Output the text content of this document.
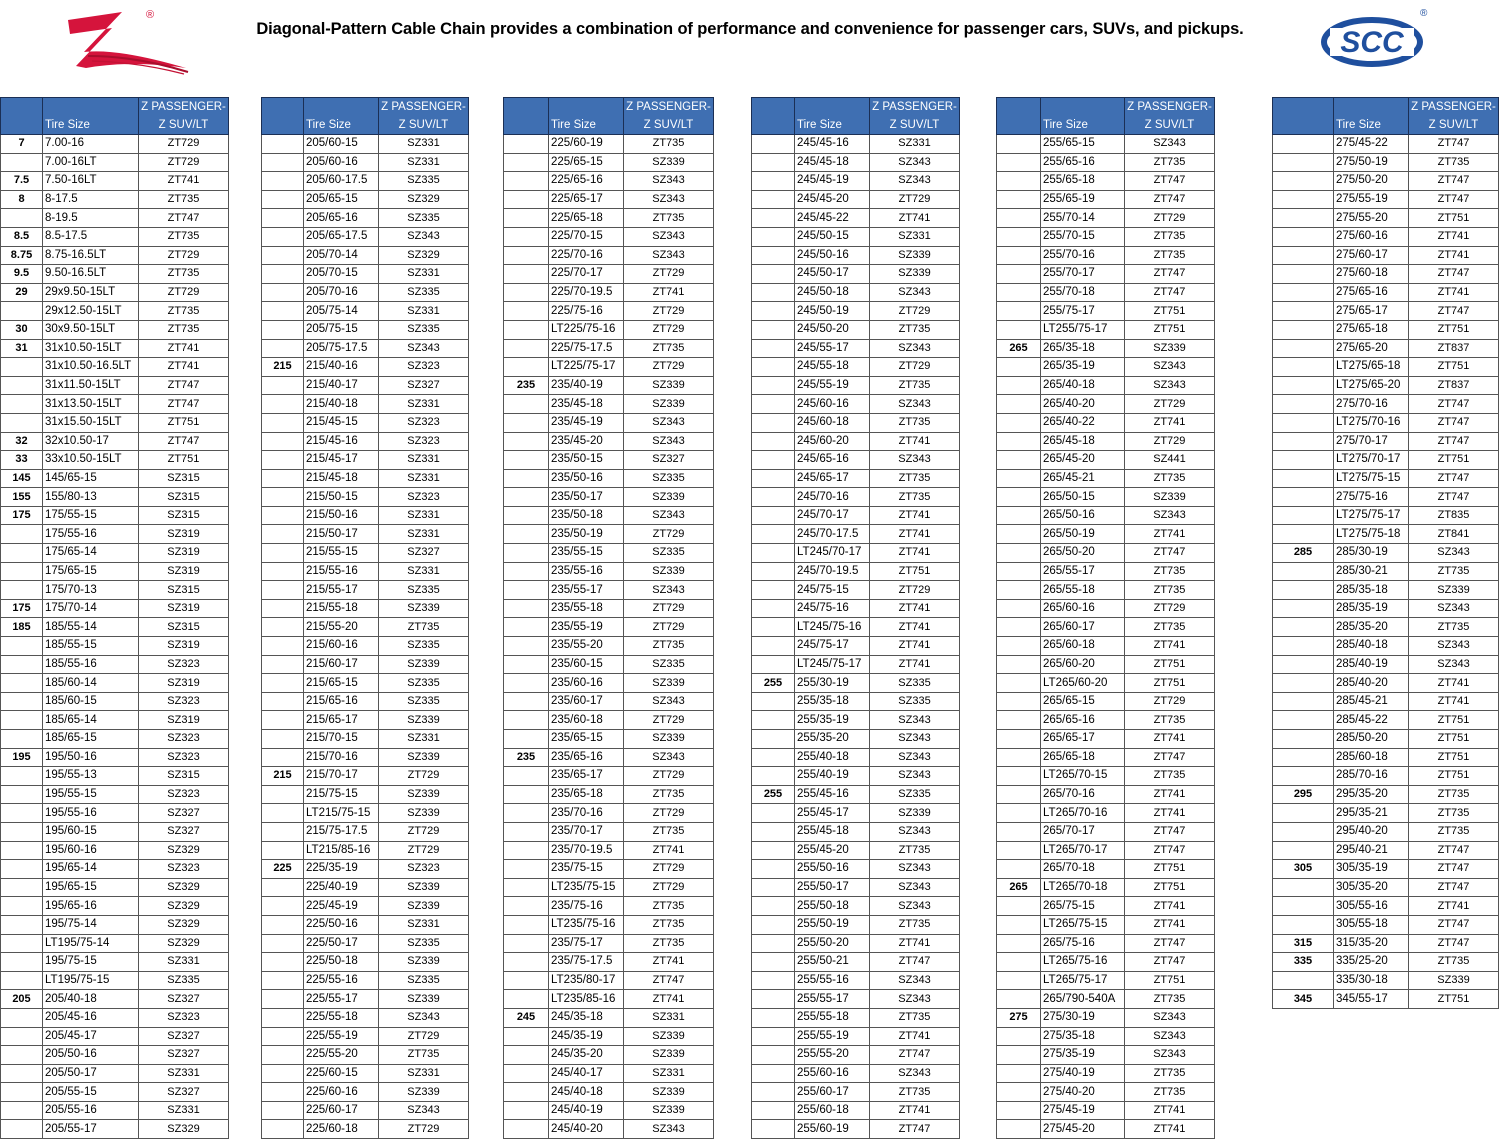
®
Diagonal-Pattern Cable Chain provides a combination of performance and convenience for passenger cars, SUVs, and pickups.	SCC
®
	Tire Size	Z PASSENGER-
Z SUV/LT
7	7.00-16	ZT729
	7.00-16LT	ZT729
7.5	7.50-16LT	ZT741
8	8-17.5	ZT735
	8-19.5	ZT747
8.5	8.5-17.5	ZT735
8.75	8.75-16.5LT	ZT729
9.5	9.50-16.5LT	ZT735
29	29x9.50-15LT	ZT729
	29x12.50-15LT	ZT735
30	30x9.50-15LT	ZT735
31	31x10.50-15LT	ZT741
	31x10.50-16.5LT	ZT741
	31x11.50-15LT	ZT747
	31x13.50-15LT	ZT747
	31x15.50-15LT	ZT751
32	32x10.50-17	ZT747
33	33x10.50-15LT	ZT751
145	145/65-15	SZ315
155	155/80-13	SZ315
175	175/55-15	SZ315
	175/55-16	SZ319
	175/65-14	SZ319
	175/65-15	SZ319
	175/70-13	SZ315
175	175/70-14	SZ319
185	185/55-14	SZ315
	185/55-15	SZ319
	185/55-16	SZ323
	185/60-14	SZ319
	185/60-15	SZ323
	185/65-14	SZ319
	185/65-15	SZ323
195	195/50-16	SZ323
	195/55-13	SZ315
	195/55-15	SZ323
	195/55-16	SZ327
	195/60-15	SZ327
	195/60-16	SZ329
	195/65-14	SZ323
	195/65-15	SZ329
	195/65-16	SZ329
	195/75-14	SZ329
	LT195/75-14	SZ329
	195/75-15	SZ331
	LT195/75-15	SZ335
205	205/40-18	SZ327
	205/45-16	SZ323
	205/45-17	SZ327
	205/50-16	SZ327
	205/50-17	SZ331
	205/55-15	SZ327
	205/55-16	SZ331
	205/55-17	SZ329
	Tire Size	Z PASSENGER-
Z SUV/LT
	205/60-15	SZ331
	205/60-16	SZ331
	205/60-17.5	SZ335
	205/65-15	SZ329
	205/65-16	SZ335
	205/65-17.5	SZ343
	205/70-14	SZ329
	205/70-15	SZ331
	205/70-16	SZ335
	205/75-14	SZ331
	205/75-15	SZ335
	205/75-17.5	SZ343
215	215/40-16	SZ323
	215/40-17	SZ327
	215/40-18	SZ331
	215/45-15	SZ323
	215/45-16	SZ323
	215/45-17	SZ331
	215/45-18	SZ331
	215/50-15	SZ323
	215/50-16	SZ331
	215/50-17	SZ331
	215/55-15	SZ327
	215/55-16	SZ331
	215/55-17	SZ335
	215/55-18	SZ339
	215/55-20	ZT735
	215/60-16	SZ335
	215/60-17	SZ339
	215/65-15	SZ335
	215/65-16	SZ335
	215/65-17	SZ339
	215/70-15	SZ331
	215/70-16	SZ339
215	215/70-17	ZT729
	215/75-15	SZ339
	LT215/75-15	SZ339
	215/75-17.5	ZT729
	LT215/85-16	ZT729
225	225/35-19	SZ323
	225/40-19	SZ339
	225/45-19	SZ339
	225/50-16	SZ331
	225/50-17	SZ335
	225/50-18	SZ339
	225/55-16	SZ335
	225/55-17	SZ339
	225/55-18	SZ343
	225/55-19	ZT729
	225/55-20	ZT735
	225/60-15	SZ331
	225/60-16	SZ339
	225/60-17	SZ343
	225/60-18	ZT729
	Tire Size	Z PASSENGER-
Z SUV/LT
	225/60-19	ZT735
	225/65-15	SZ339
	225/65-16	SZ343
	225/65-17	SZ343
	225/65-18	ZT735
	225/70-15	SZ343
	225/70-16	SZ343
	225/70-17	ZT729
	225/70-19.5	ZT741
	225/75-16	ZT729
	LT225/75-16	ZT729
	225/75-17.5	ZT735
	LT225/75-17	ZT729
235	235/40-19	SZ339
	235/45-18	SZ339
	235/45-19	SZ343
	235/45-20	SZ343
	235/50-15	SZ327
	235/50-16	SZ335
	235/50-17	SZ339
	235/50-18	SZ343
	235/50-19	ZT729
	235/55-15	SZ335
	235/55-16	SZ339
	235/55-17	SZ343
	235/55-18	ZT729
	235/55-19	ZT729
	235/55-20	ZT735
	235/60-15	SZ335
	235/60-16	SZ339
	235/60-17	SZ343
	235/60-18	ZT729
	235/65-15	SZ339
235	235/65-16	SZ343
	235/65-17	ZT729
	235/65-18	ZT735
	235/70-16	ZT729
	235/70-17	ZT735
	235/70-19.5	ZT741
	235/75-15	ZT729
	LT235/75-15	ZT729
	235/75-16	ZT735
	LT235/75-16	ZT735
	235/75-17	ZT735
	235/75-17.5	ZT741
	LT235/80-17	ZT747
	LT235/85-16	ZT741
245	245/35-18	SZ331
	245/35-19	SZ339
	245/35-20	SZ339
	245/40-17	SZ331
	245/40-18	SZ339
	245/40-19	SZ339
	245/40-20	SZ343
	Tire Size	Z PASSENGER-
Z SUV/LT
	245/45-16	SZ331
	245/45-18	SZ343
	245/45-19	SZ343
	245/45-20	ZT729
	245/45-22	ZT741
	245/50-15	SZ331
	245/50-16	SZ339
	245/50-17	SZ339
	245/50-18	SZ343
	245/50-19	ZT729
	245/50-20	ZT735
	245/55-17	SZ343
	245/55-18	ZT729
	245/55-19	ZT735
	245/60-16	SZ343
	245/60-18	ZT735
	245/60-20	ZT741
	245/65-16	SZ343
	245/65-17	ZT735
	245/70-16	ZT735
	245/70-17	ZT741
	245/70-17.5	ZT741
	LT245/70-17	ZT741
	245/70-19.5	ZT751
	245/75-15	ZT729
	245/75-16	ZT741
	LT245/75-16	ZT741
	245/75-17	ZT741
	LT245/75-17	ZT741
255	255/30-19	SZ335
	255/35-18	SZ335
	255/35-19	SZ343
	255/35-20	SZ343
	255/40-18	SZ343
	255/40-19	SZ343
255	255/45-16	SZ335
	255/45-17	SZ339
	255/45-18	SZ343
	255/45-20	ZT735
	255/50-16	SZ343
	255/50-17	SZ343
	255/50-18	SZ343
	255/50-19	ZT735
	255/50-20	ZT741
	255/50-21	ZT747
	255/55-16	SZ343
	255/55-17	SZ343
	255/55-18	ZT735
	255/55-19	ZT741
	255/55-20	ZT747
	255/60-16	SZ343
	255/60-17	ZT735
	255/60-18	ZT741
	255/60-19	ZT747
	Tire Size	Z PASSENGER-
Z SUV/LT
	255/65-15	SZ343
	255/65-16	ZT735
	255/65-18	ZT747
	255/65-19	ZT747
	255/70-14	ZT729
	255/70-15	ZT735
	255/70-16	ZT735
	255/70-17	ZT747
	255/70-18	ZT747
	255/75-17	ZT751
	LT255/75-17	ZT751
265	265/35-18	SZ339
	265/35-19	SZ343
	265/40-18	SZ343
	265/40-20	ZT729
	265/40-22	ZT741
	265/45-18	ZT729
	265/45-20	SZ441
	265/45-21	ZT735
	265/50-15	SZ339
	265/50-16	SZ343
	265/50-19	ZT741
	265/50-20	ZT747
	265/55-17	ZT735
	265/55-18	ZT735
	265/60-16	ZT729
	265/60-17	ZT735
	265/60-18	ZT741
	265/60-20	ZT751
	LT265/60-20	ZT751
	265/65-15	ZT729
	265/65-16	ZT735
	265/65-17	ZT741
	265/65-18	ZT747
	LT265/70-15	ZT735
	265/70-16	ZT741
	LT265/70-16	ZT741
	265/70-17	ZT747
	LT265/70-17	ZT747
	265/70-18	ZT751
265	LT265/70-18	ZT751
	265/75-15	ZT741
	LT265/75-15	ZT741
	265/75-16	ZT747
	LT265/75-16	ZT747
	LT265/75-17	ZT751
	265/790-540A	ZT735
275	275/30-19	SZ343
	275/35-18	SZ343
	275/35-19	SZ343
	275/40-19	ZT735
	275/40-20	ZT735
	275/45-19	ZT741
	275/45-20	ZT741
	Tire Size	Z PASSENGER-
Z SUV/LT
	275/45-22	ZT747
	275/50-19	ZT735
	275/50-20	ZT747
	275/55-19	ZT747
	275/55-20	ZT751
	275/60-16	ZT741
	275/60-17	ZT741
	275/60-18	ZT747
	275/65-16	ZT741
	275/65-17	ZT747
	275/65-18	ZT751
	275/65-20	ZT837
	LT275/65-18	ZT751
	LT275/65-20	ZT837
	275/70-16	ZT747
	LT275/70-16	ZT747
	275/70-17	ZT747
	LT275/70-17	ZT751
	LT275/75-15	ZT747
	275/75-16	ZT747
	LT275/75-17	ZT835
	LT275/75-18	ZT841
285	285/30-19	SZ343
	285/30-21	ZT735
	285/35-18	SZ339
	285/35-19	SZ343
	285/35-20	ZT735
	285/40-18	SZ343
	285/40-19	SZ343
	285/40-20	ZT741
	285/45-21	ZT741
	285/45-22	ZT751
	285/50-20	ZT751
	285/60-18	ZT751
	285/70-16	ZT751
295	295/35-20	ZT735
	295/35-21	ZT735
	295/40-20	ZT735
	295/40-21	ZT747
305	305/35-19	ZT747
	305/35-20	ZT747
	305/55-16	ZT741
	305/55-18	ZT747
315	315/35-20	ZT747
335	335/25-20	ZT735
	335/30-18	SZ339
345	345/55-17	ZT751
